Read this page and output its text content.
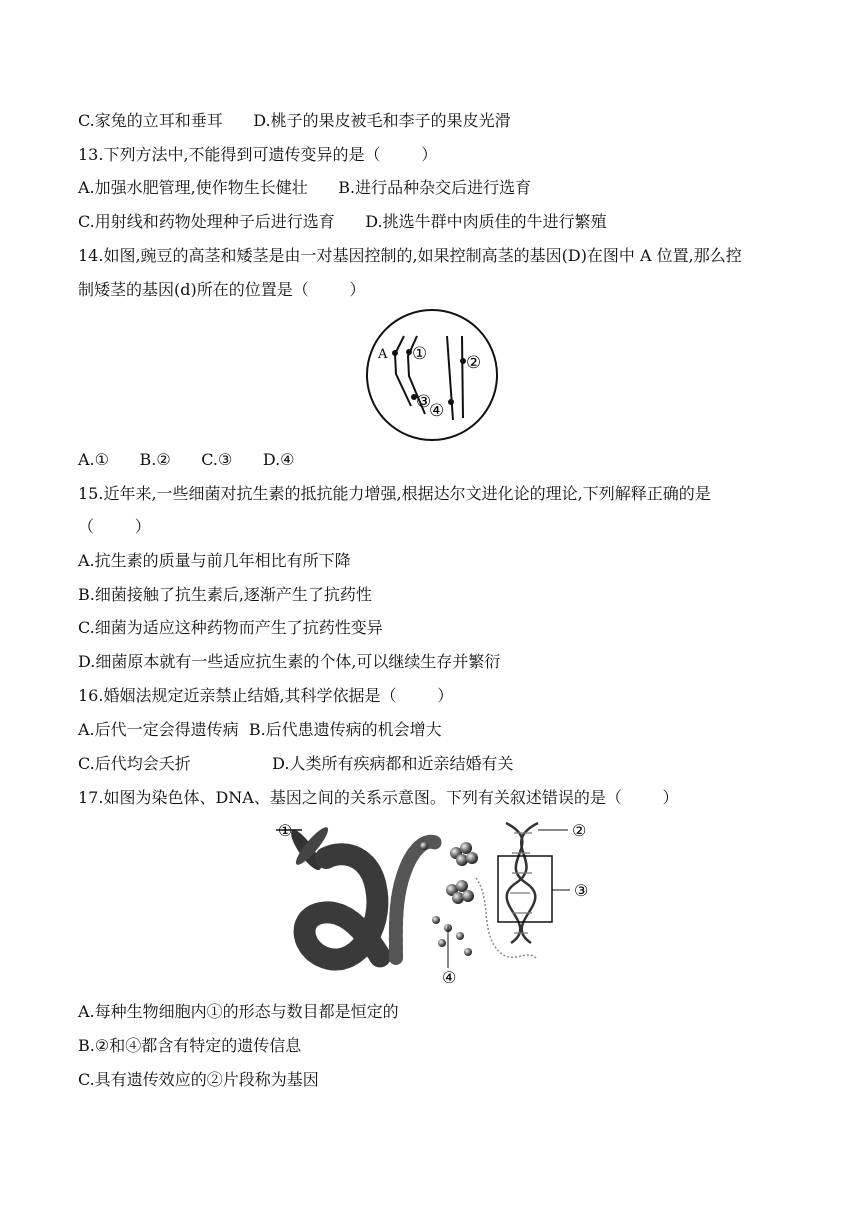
C.家兔的立耳和垂耳      D.桃子的果皮被毛和李子的果皮光滑
13.下列方法中,不能得到可遗传变异的是（        ）
A.加强水肥管理,使作物生长健壮      B.进行品种杂交后进行选育
C.用射线和药物处理种子后进行选育      D.挑选牛群中肉质佳的牛进行繁殖
14.如图,豌豆的高茎和矮茎是由一对基因控制的,如果控制高茎的基因(D)在图中 A 位置,那么控
制矮茎的基因(d)所在的位置是（        ）
A ① ②
③
④
A.①      B.②      C.③      D.④
15.近年来,一些细菌对抗生素的抵抗能力增强,根据达尔文进化论的理论,下列解释正确的是
（        ）
A.抗生素的质量与前几年相比有所下降
B.细菌接触了抗生素后,逐渐产生了抗药性
C.细菌为适应这种药物而产生了抗药性变异
D.细菌原本就有一些适应抗生素的个体,可以继续生存并繁衍
16.婚姻法规定近亲禁止结婚,其科学依据是（        ）
A.后代一定会得遗传病  B.后代患遗传病的机会增大
C.后代均会夭折                D.人类所有疾病都和近亲结婚有关
17.如图为染色体、DNA、基因之间的关系示意图。下列有关叙述错误的是（        ）
①	②
③
④
A.每种生物细胞内①的形态与数目都是恒定的
B.②和④都含有特定的遗传信息
C.具有遗传效应的②片段称为基因
